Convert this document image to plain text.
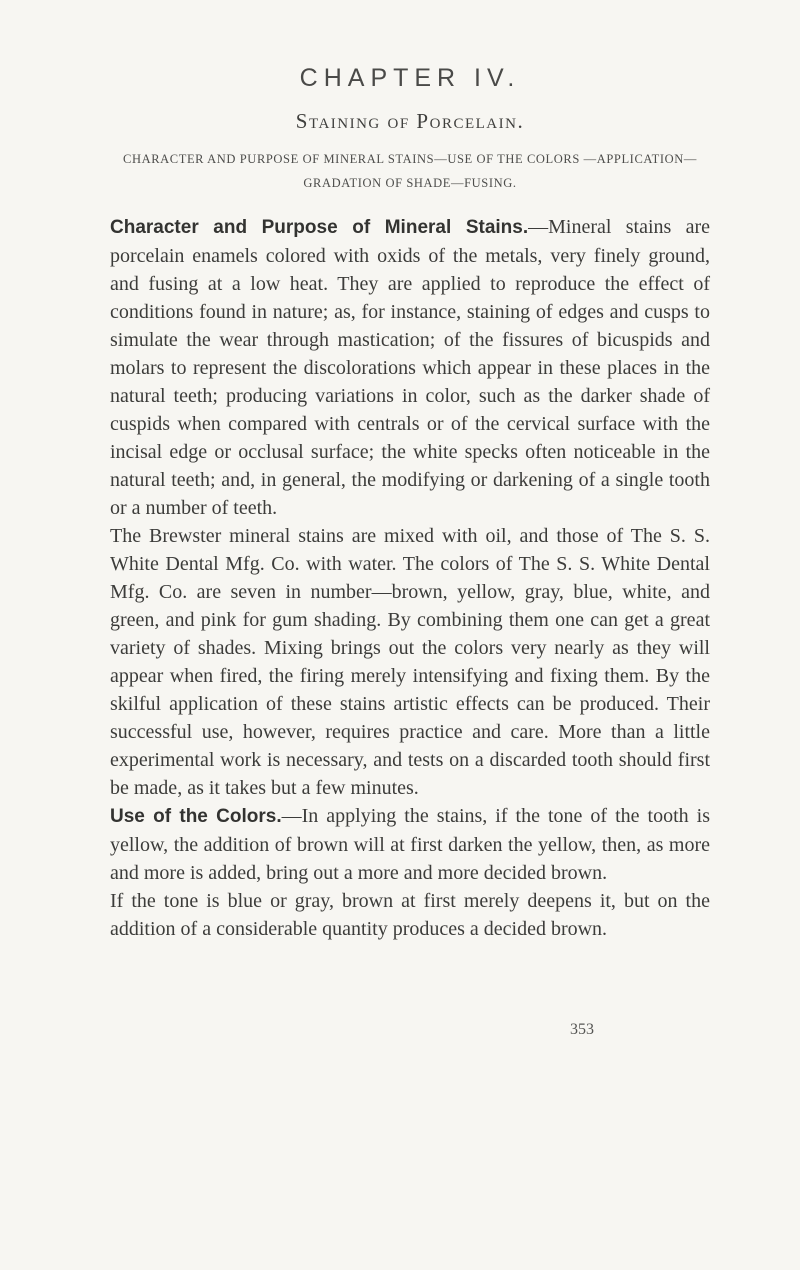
CHAPTER IV.
Staining of Porcelain.

CHARACTER AND PURPOSE OF MINERAL STAINS—USE OF THE COLORS —APPLICATION—GRADATION OF SHADE—FUSING.

Character and Purpose of Mineral Stains.—Mineral stains are porcelain enamels colored with oxids of the metals, very finely ground, and fusing at a low heat. They are applied to reproduce the effect of conditions found in nature; as, for instance, staining of edges and cusps to simulate the wear through mastication; of the fissures of bicuspids and molars to represent the discolorations which appear in these places in the natural teeth; producing variations in color, such as the darker shade of cuspids when compared with centrals or of the cervical surface with the incisal edge or occlusal surface; the white specks often noticeable in the natural teeth; and, in general, the modifying or darkening of a single tooth or a number of teeth.

The Brewster mineral stains are mixed with oil, and those of The S. S. White Dental Mfg. Co. with water. The colors of The S. S. White Dental Mfg. Co. are seven in number—brown, yellow, gray, blue, white, and green, and pink for gum shading. By combining them one can get a great variety of shades. Mixing brings out the colors very nearly as they will appear when fired, the firing merely intensifying and fixing them. By the skilful application of these stains artistic effects can be produced. Their successful use, however, requires practice and care. More than a little experimental work is necessary, and tests on a discarded tooth should first be made, as it takes but a few minutes.

Use of the Colors.—In applying the stains, if the tone of the tooth is yellow, the addition of brown will at first darken the yellow, then, as more and more is added, bring out a more and more decided brown.

If the tone is blue or gray, brown at first merely deepens it, but on the addition of a considerable quantity produces a decided brown.

353
